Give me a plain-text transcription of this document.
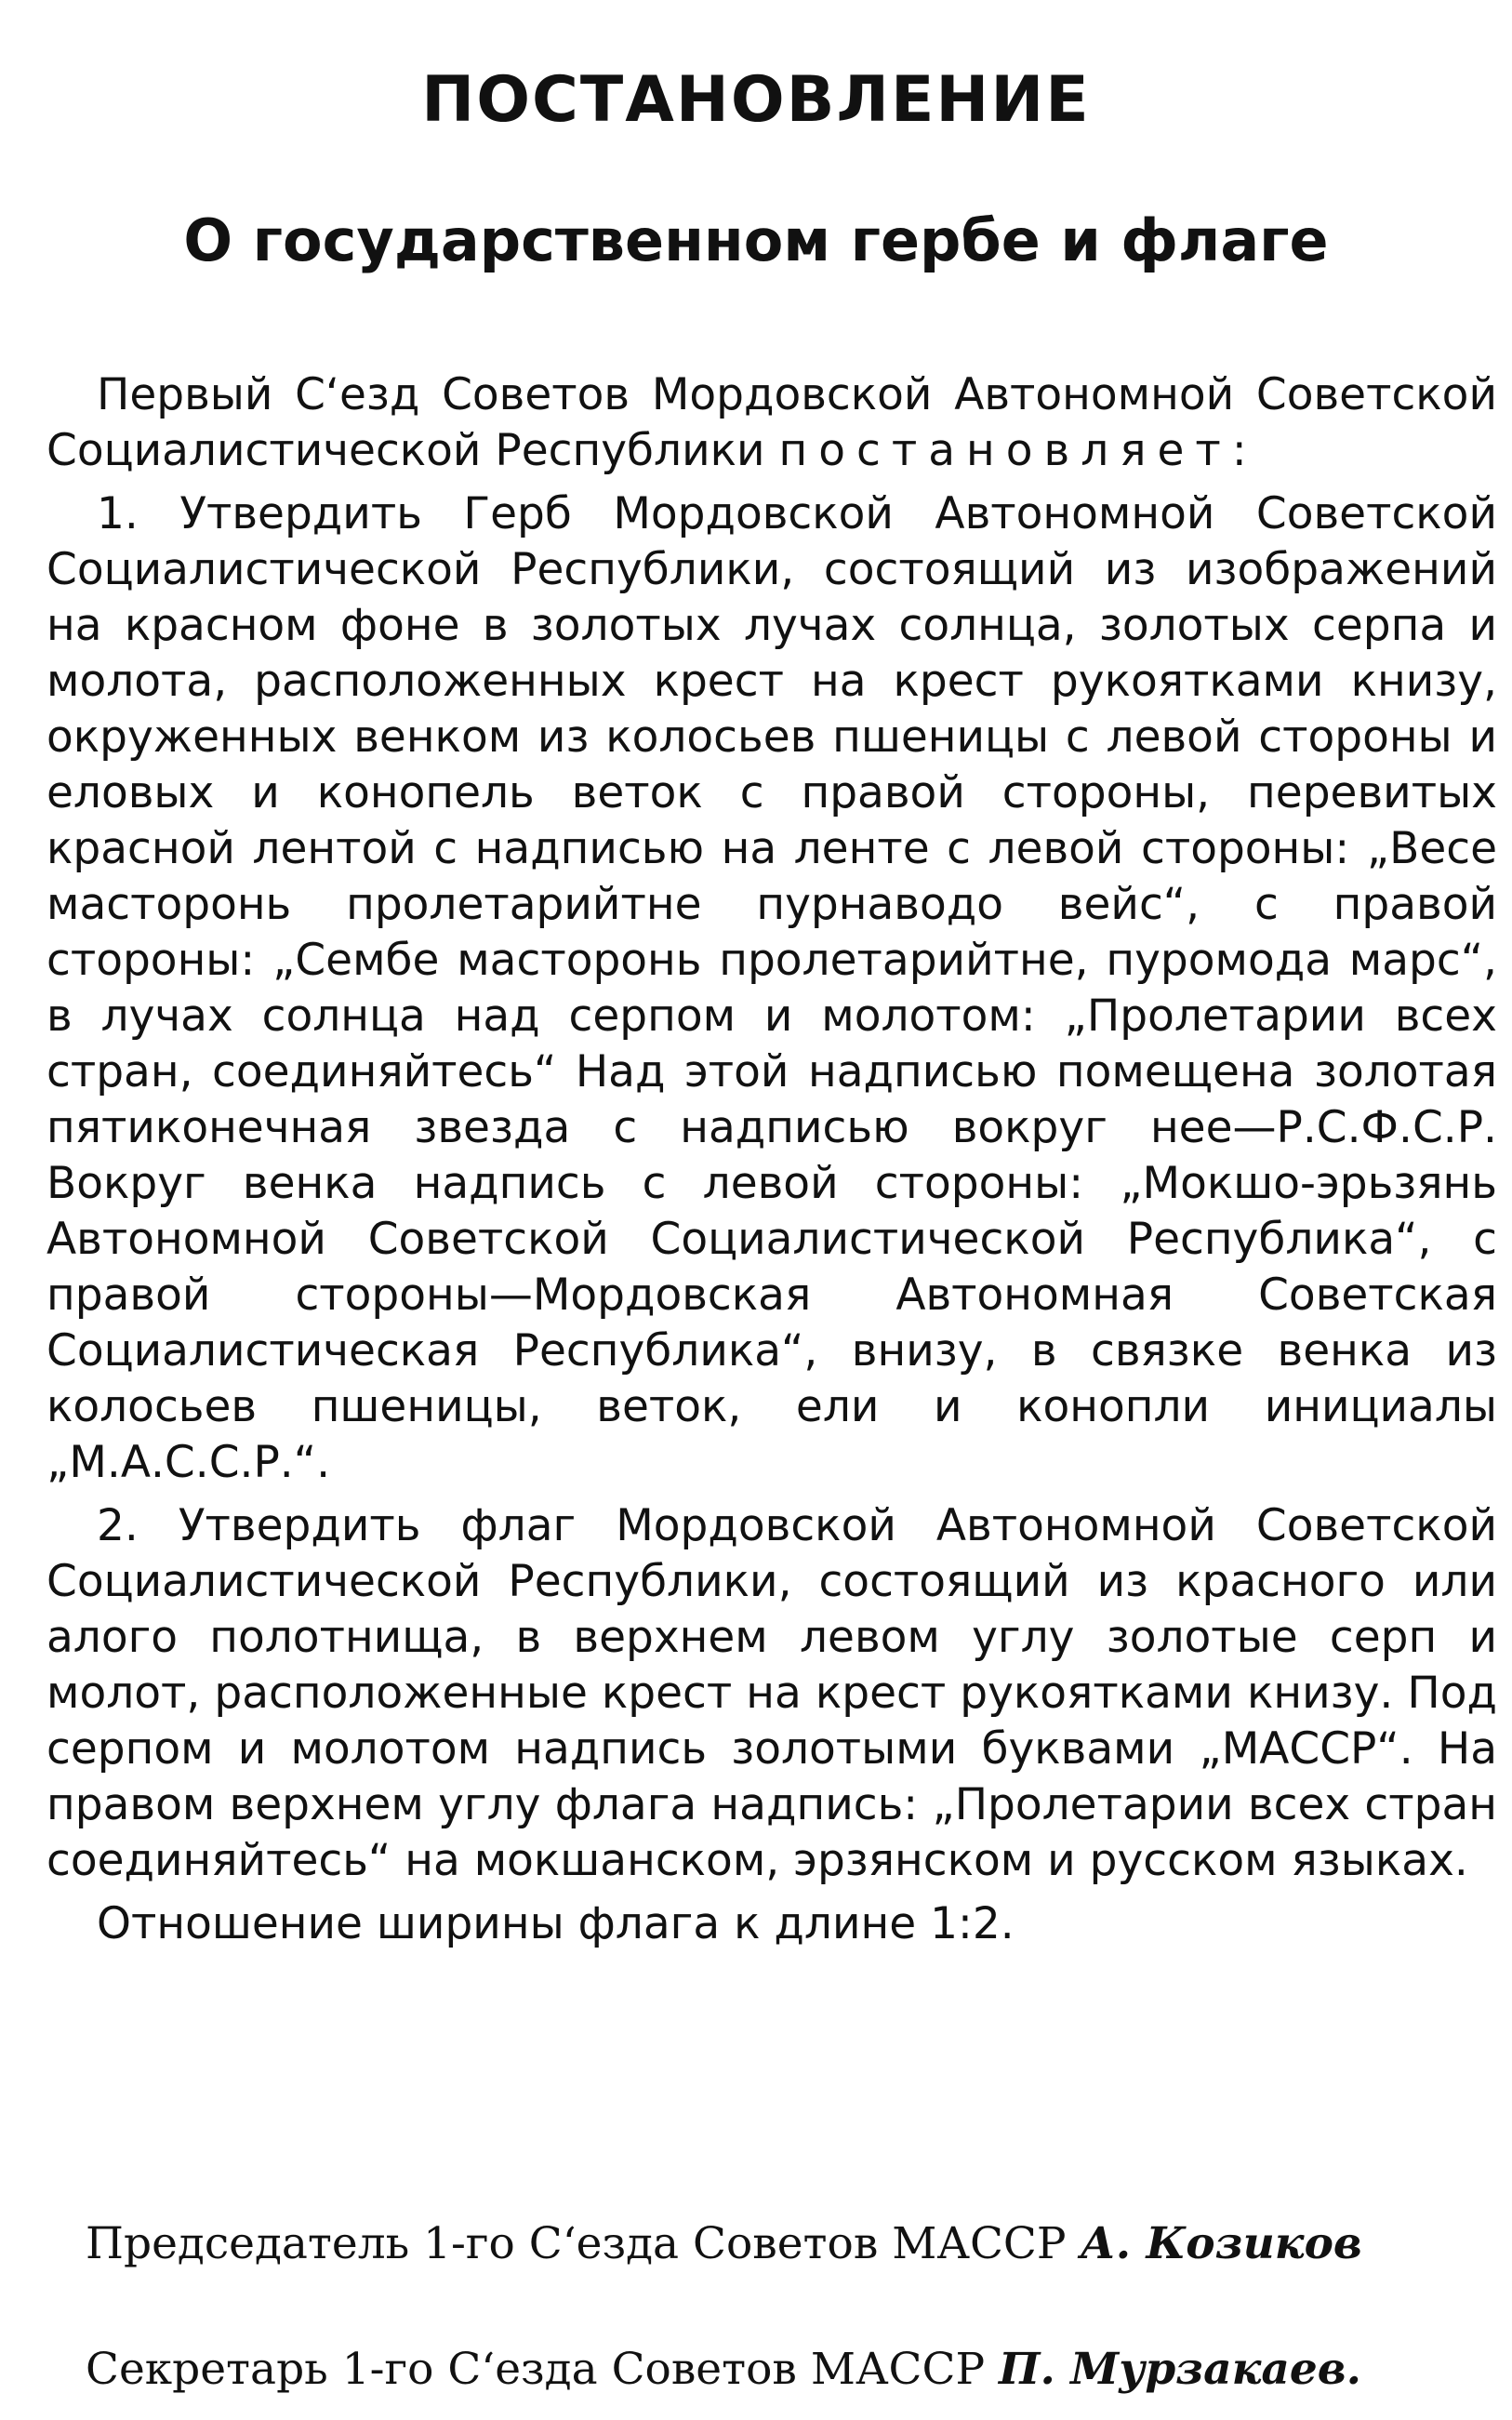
ПОСТАНОВЛЕНИЕ
О государственном гербе и флаге

Первый С‘езд Советов Мордовской Автономной Советской Социалистической Республики постановляет:

1. Утвердить Герб Мордовской Автономной Советской Социалистической Республики, состоящий из изображений на красном фоне в золотых лучах солнца, золотых серпа и молота, расположенных крест на крест рукоятками книзу, окруженных венком из колосьев пшеницы с левой стороны и еловых и конопель веток с правой стороны, перевитых красной лентой с надписью на ленте с левой стороны: „Весе масторонь пролетарийтне пурнаводо вейс“, с правой стороны: „Сембе масторонь пролетарийтне, пуромода марс“, в лучах солнца над серпом и молотом: „Пролетарии всех стран, соединяйтесь“ Над этой надписью помещена золотая пятиконечная звезда с надписью вокруг нее—Р.С.Ф.С.Р. Вокруг венка надпись с левой стороны: „Мокшо-эрьзянь Автономной Советской Социалистической Республика“, с правой стороны—Мордовская Автономная Советская Социалистическая Республика“, внизу, в связке венка из колосьев пшеницы, веток, ели и конопли инициалы „М.А.С.С.Р.“.

2. Утвердить флаг Мордовской Автономной Советской Социалистической Республики, состоящий из красного или алого полотнища, в верхнем левом углу золотые серп и молот, расположенные крест на крест рукоятками книзу. Под серпом и молотом надпись золотыми буквами „МАССР“. На правом верхнем углу флага надпись: „Пролетарии всех стран соединяйтесь“ на мокшанском, эрзянском и русском языках.

Отношение ширины флага к длине 1:2.

Председатель 1-го С‘езда Советов МАССР А. Козиков
Секретарь 1-го С‘езда Советов МАССР П. Мурзакаев.
